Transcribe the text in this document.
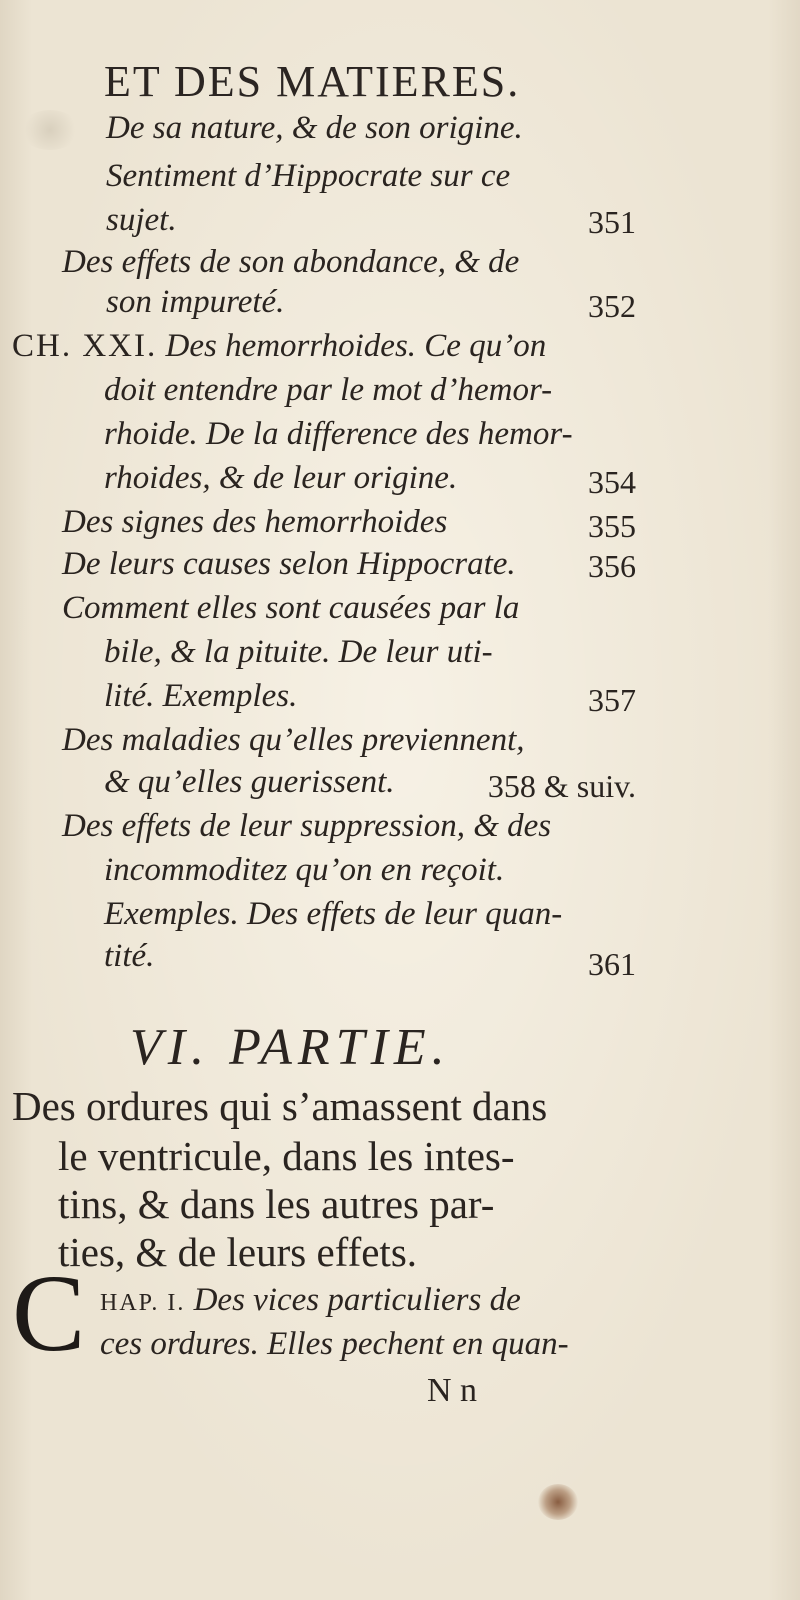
ET DES MATIERES.
De sa nature, & de son origine.
Sentiment d’Hippocrate sur ce
sujet.	351
Des effets de son abondance, & de
son impureté.	352
CH. XXI. Des hemorrhoides. Ce qu’on
doit entendre par le mot d’hemor-
rhoide. De la difference des hemor-
rhoides, & de leur origine.	354
Des signes des hemorrhoides	355
De leurs causes selon Hippocrate. 356
Comment elles sont causées par la
bile, & la pituite. De leur uti-
lité. Exemples.	357
Des maladies qu’elles previennent,
& qu’elles guerissent.	358 & suiv.
Des effets de leur suppression, & des
incommoditez qu’on en reçoit.
Exemples. Des effets de leur quan-
tité.	361
VI. PARTIE.
Des ordures qui s’amassent dans
le ventricule, dans les intes-
tins, & dans les autres par-
ties, & de leurs effets.
C HAP. I. Des vices particuliers de
ces ordures. Elles pechent en quan-
N n
